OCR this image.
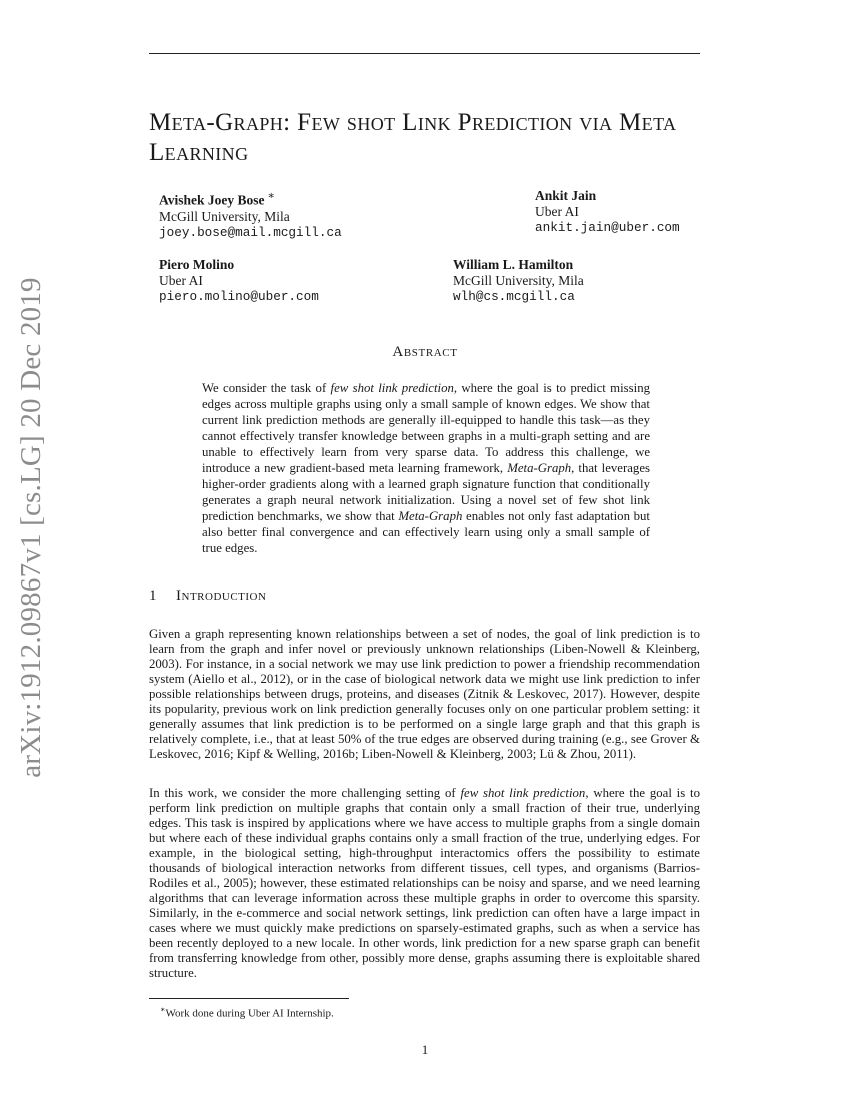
arXiv:1912.09867v1 [cs.LG] 20 Dec 2019
Meta-Graph: Few shot Link Prediction via Meta Learning
Avishek Joey Bose ∗
McGill University, Mila
joey.bose@mail.mcgill.ca
Ankit Jain
Uber AI
ankit.jain@uber.com
Piero Molino
Uber AI
piero.molino@uber.com
William L. Hamilton
McGill University, Mila
wlh@cs.mcgill.ca
Abstract
We consider the task of few shot link prediction, where the goal is to predict missing edges across multiple graphs using only a small sample of known edges. We show that current link prediction methods are generally ill-equipped to handle this task—as they cannot effectively transfer knowledge between graphs in a multi-graph setting and are unable to effectively learn from very sparse data. To address this challenge, we introduce a new gradient-based meta learning framework, Meta-Graph, that leverages higher-order gradients along with a learned graph signature function that conditionally generates a graph neural network initialization. Using a novel set of few shot link prediction benchmarks, we show that Meta-Graph enables not only fast adaptation but also better final convergence and can effectively learn using only a small sample of true edges.
1 Introduction
Given a graph representing known relationships between a set of nodes, the goal of link prediction is to learn from the graph and infer novel or previously unknown relationships (Liben-Nowell & Kleinberg, 2003). For instance, in a social network we may use link prediction to power a friendship recommendation system (Aiello et al., 2012), or in the case of biological network data we might use link prediction to infer possible relationships between drugs, proteins, and diseases (Zitnik & Leskovec, 2017). However, despite its popularity, previous work on link prediction generally focuses only on one particular problem setting: it generally assumes that link prediction is to be performed on a single large graph and that this graph is relatively complete, i.e., that at least 50% of the true edges are observed during training (e.g., see Grover & Leskovec, 2016; Kipf & Welling, 2016b; Liben-Nowell & Kleinberg, 2003; Lü & Zhou, 2011).
In this work, we consider the more challenging setting of few shot link prediction, where the goal is to perform link prediction on multiple graphs that contain only a small fraction of their true, underlying edges. This task is inspired by applications where we have access to multiple graphs from a single domain but where each of these individual graphs contains only a small fraction of the true, underlying edges. For example, in the biological setting, high-throughput interactomics offers the possibility to estimate thousands of biological interaction networks from different tissues, cell types, and organisms (Barrios-Rodiles et al., 2005); however, these estimated relationships can be noisy and sparse, and we need learning algorithms that can leverage information across these multiple graphs in order to overcome this sparsity. Similarly, in the e-commerce and social network settings, link prediction can often have a large impact in cases where we must quickly make predictions on sparsely-estimated graphs, such as when a service has been recently deployed to a new locale. In other words, link prediction for a new sparse graph can benefit from transferring knowledge from other, possibly more dense, graphs assuming there is exploitable shared structure.
∗Work done during Uber AI Internship.
1
